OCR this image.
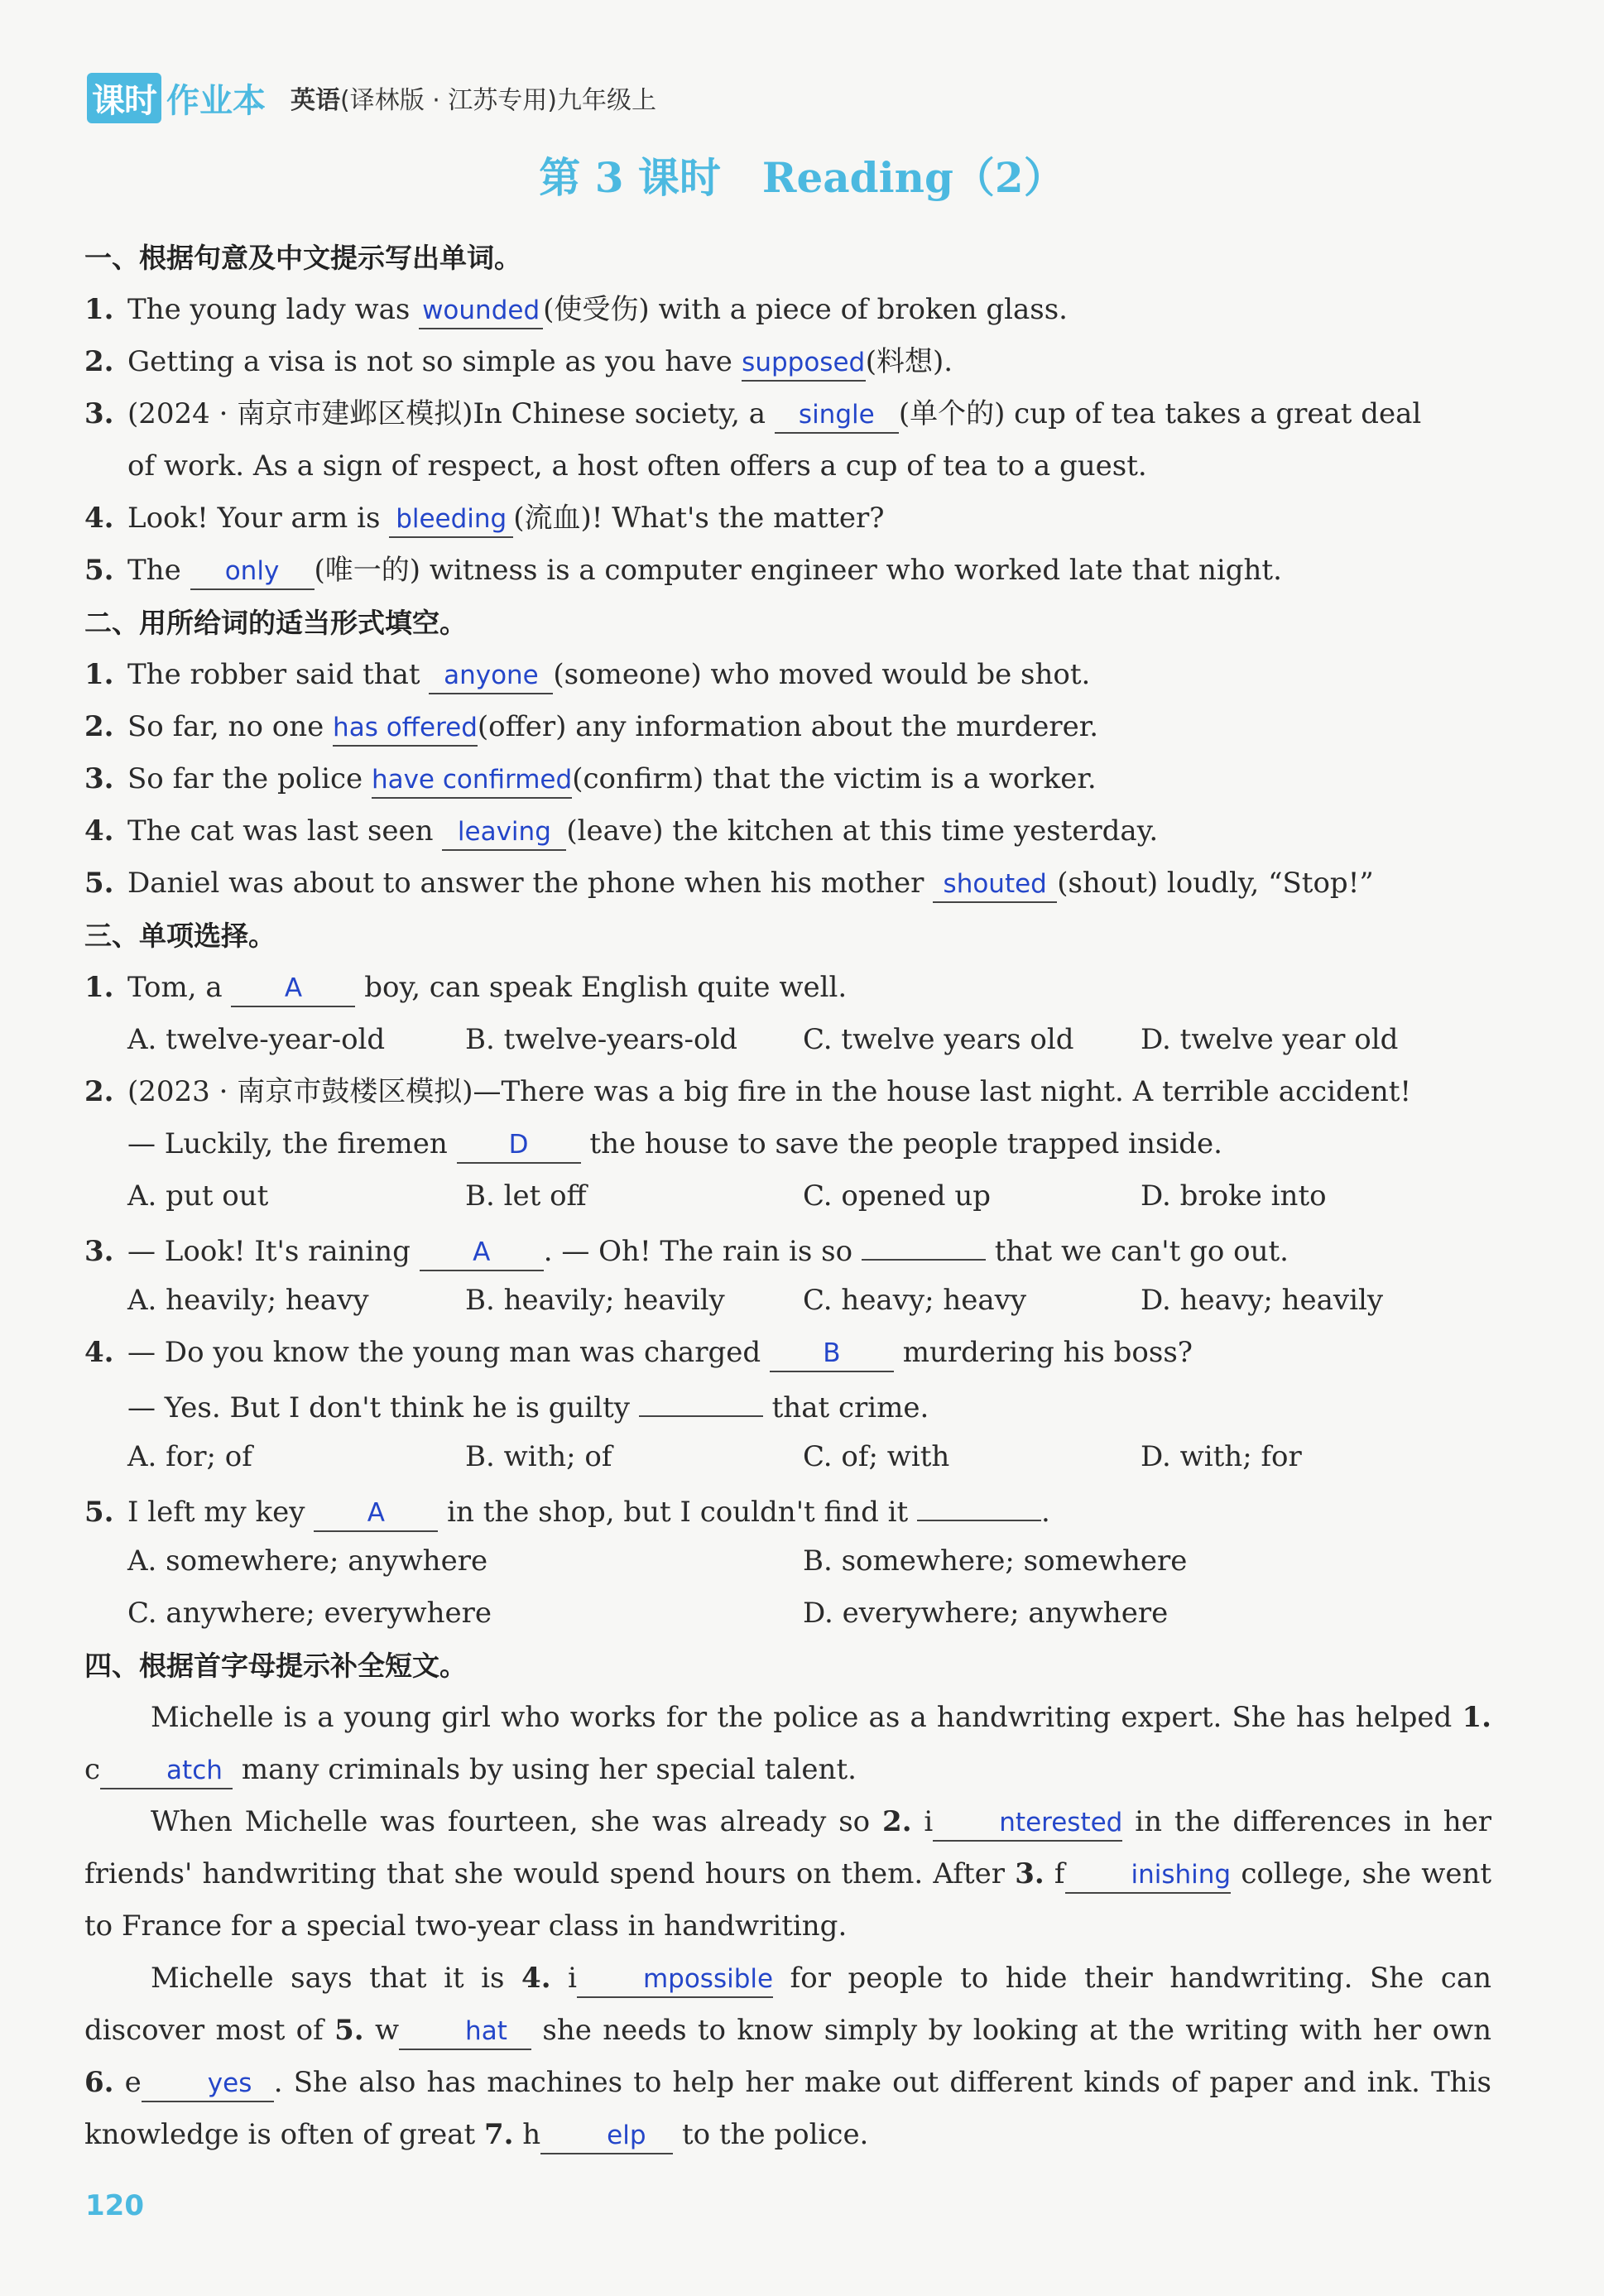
课时 作业本 英语(译林版 · 江苏专用)九年级上
第 3 课时　Reading（2）
一、根据句意及中文提示写出单词。
1. The young lady was wounded (使受伤) with a piece of broken glass.
2. Getting a visa is not so simple as you have supposed(料想).
3. (2024 · 南京市建邺区模拟)In Chinese society, a single (单个的) cup of tea takes a great deal
of work. As a sign of respect, a host often offers a cup of tea to a guest.
4. Look! Your arm is bleeding (流血)! What's the matter?
5. The only (唯一的) witness is a computer engineer who worked late that night.
二、用所给词的适当形式填空。
1. The robber said that anyone (someone) who moved would be shot.
2. So far, no one has offered(offer) any information about the murderer.
3. So far the police have confirmed(confirm) that the victim is a worker.
4. The cat was last seen leaving (leave) the kitchen at this time yesterday.
5. Daniel was about to answer the phone when his mother shouted (shout) loudly, “Stop!”
三、单项选择。
1. Tom, a A boy, can speak English quite well.
A. twelve-year-old	B. twelve-years-old	C. twelve years old	D. twelve year old
2. (2023 · 南京市鼓楼区模拟)—There was a big fire in the house last night. A terrible accident!
— Luckily, the firemen D the house to save the people trapped inside.
A. put out	B. let off	C. opened up	D. broke into
3. — Look! It's raining A . — Oh! The rain is so	that we can't go out.
A. heavily; heavy	B. heavily; heavily	C. heavy; heavy	D. heavy; heavily
4. — Do you know the young man was charged B murdering his boss?
— Yes. But I don't think he is guilty	that crime.
A. for; of	B. with; of	C. of; with	D. with; for
5. I left my key A in the shop, but I couldn't find it	.
A. somewhere; anywhere	B. somewhere; somewhere
C. anywhere; everywhere	D. everywhere; anywhere
四、根据首字母提示补全短文。
Michelle is a young girl who works for the police as a handwriting expert. She has helped 1. c	atch many criminals by using her special talent.
When Michelle was fourteen, she was already so 2. i	nterested in the differences in her friends' handwriting that she would spend hours on them. After 3. f	inishing college, she went to France for a special two-year class in handwriting.
Michelle says that it is 4. i	mpossible for people to hide their handwriting. She can discover most of 5. w	hat she needs to know simply by looking at the writing with her own 6. e	yes . She also has machines to help her make out different kinds of paper and ink. This knowledge is often of great 7. h	elp to the police.
120
